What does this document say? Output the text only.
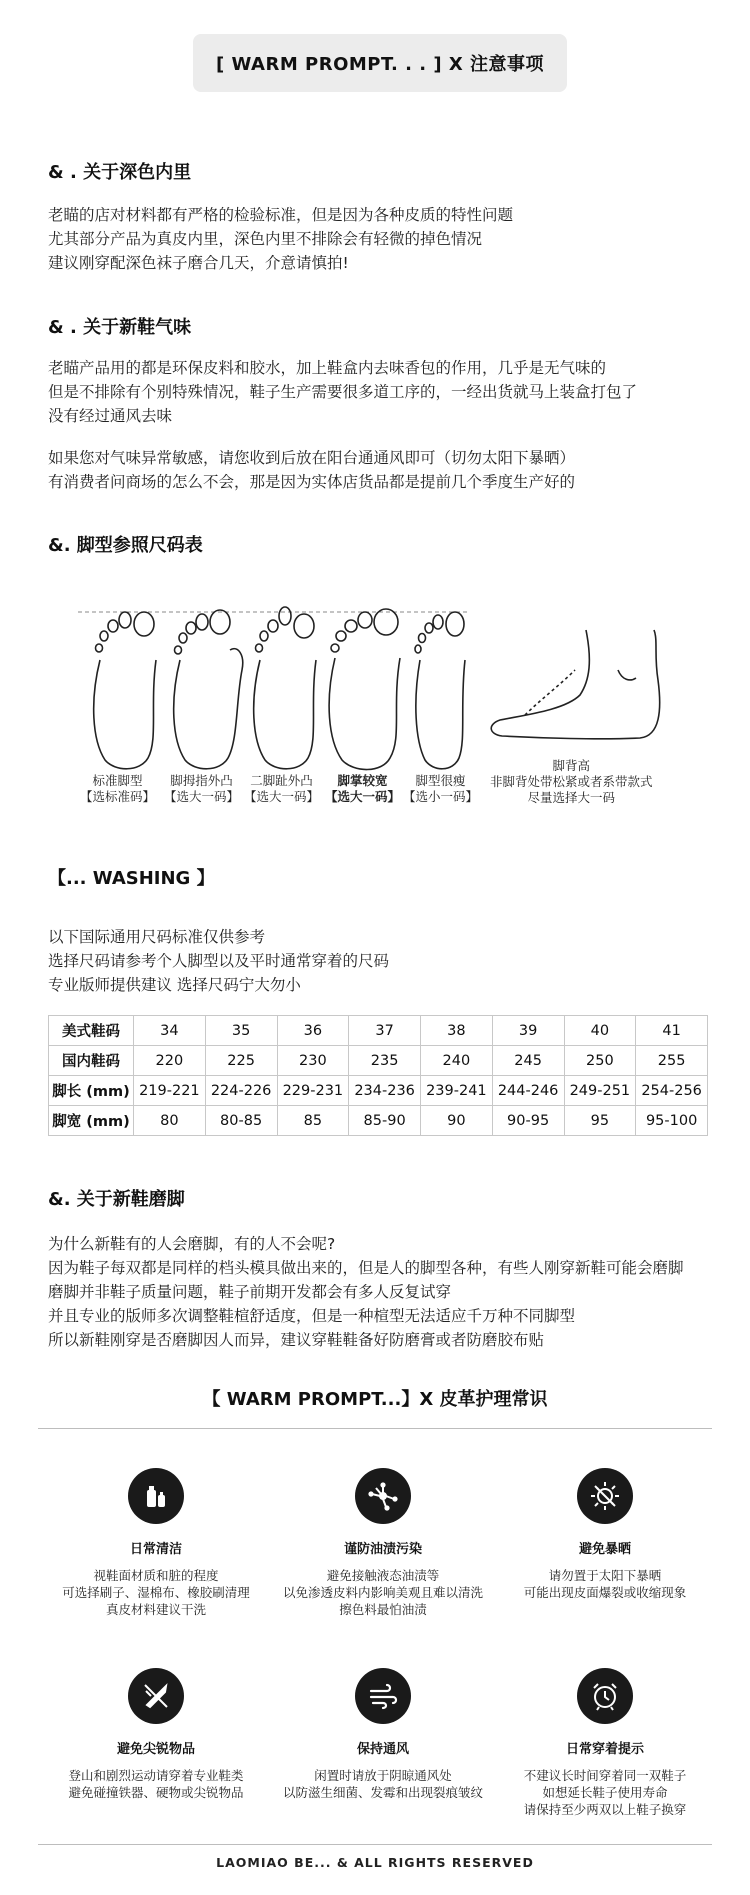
[ WARM PROMPT. . . ] X 注意事项
& . 关于深色内里
老瞄的店对材料都有严格的检验标准，但是因为各种皮质的特性问题
尤其部分产品为真皮内里，深色内里不排除会有轻微的掉色情况
建议刚穿配深色袜子磨合几天，介意请慎拍!
& . 关于新鞋气味
老瞄产品用的都是环保皮料和胶水，加上鞋盒内去味香包的作用，几乎是无气味的
但是不排除有个别特殊情况，鞋子生产需要很多道工序的，一经出货就马上装盒打包了
没有经过通风去味
如果您对气味异常敏感，请您收到后放在阳台通通风即可（切勿太阳下暴晒）
有消费者问商场的怎么不会，那是因为实体店货品都是提前几个季度生产好的
&. 脚型参照尺码表
标准脚型
【选标准码】
脚拇指外凸
【选大一码】
二脚趾外凸
【选大一码】
脚掌较宽
【选大一码】
脚型很瘦
【选小一码】
脚背高
非脚背处带松紧或者系带款式
尽量选择大一码
【... WASHING 】
以下国际通用尺码标准仅供参考
选择尺码请参考个人脚型以及平时通常穿着的尺码
专业版师提供建议 选择尺码宁大勿小
美式鞋码	34	35	36	37	38	39	40	41
国内鞋码	220	225	230	235	240	245	250	255
脚长 (mm)	219-221	224-226	229-231	234-236	239-241	244-246	249-251	254-256
脚宽 (mm)	80	80-85	85	85-90	90	90-95	95	95-100
&. 关于新鞋磨脚
为什么新鞋有的人会磨脚，有的人不会呢?
因为鞋子每双都是同样的档头模具做出来的，但是人的脚型各种，有些人刚穿新鞋可能会磨脚
磨脚并非鞋子质量问题，鞋子前期开发都会有多人反复试穿
并且专业的版师多次调整鞋楦舒适度，但是一种楦型无法适应千万种不同脚型
所以新鞋刚穿是否磨脚因人而异，建议穿鞋鞋备好防磨膏或者防磨胶布贴
【 WARM PROMPT...】X 皮革护理常识
日常清洁
视鞋面材质和脏的程度
可选择刷子、湿棉布、橡胶刷清理
真皮材料建议干洗
谨防油渍污染
避免接触液态油渍等
以免渗透皮料内影响美观且难以清洗
擦色料最怕油渍
避免暴晒
请勿置于太阳下暴晒
可能出现皮面爆裂或收缩现象
避免尖锐物品
登山和剧烈运动请穿着专业鞋类
避免碰撞铁器、硬物或尖锐物品
保持通风
闲置时请放于阴晾通风处
以防滋生细菌、发霉和出现裂痕皱纹
日常穿着提示
不建议长时间穿着同一双鞋子
如想延长鞋子使用寿命
请保持至少两双以上鞋子换穿
LAOMIAO BE... & ALL RIGHTS RESERVED
